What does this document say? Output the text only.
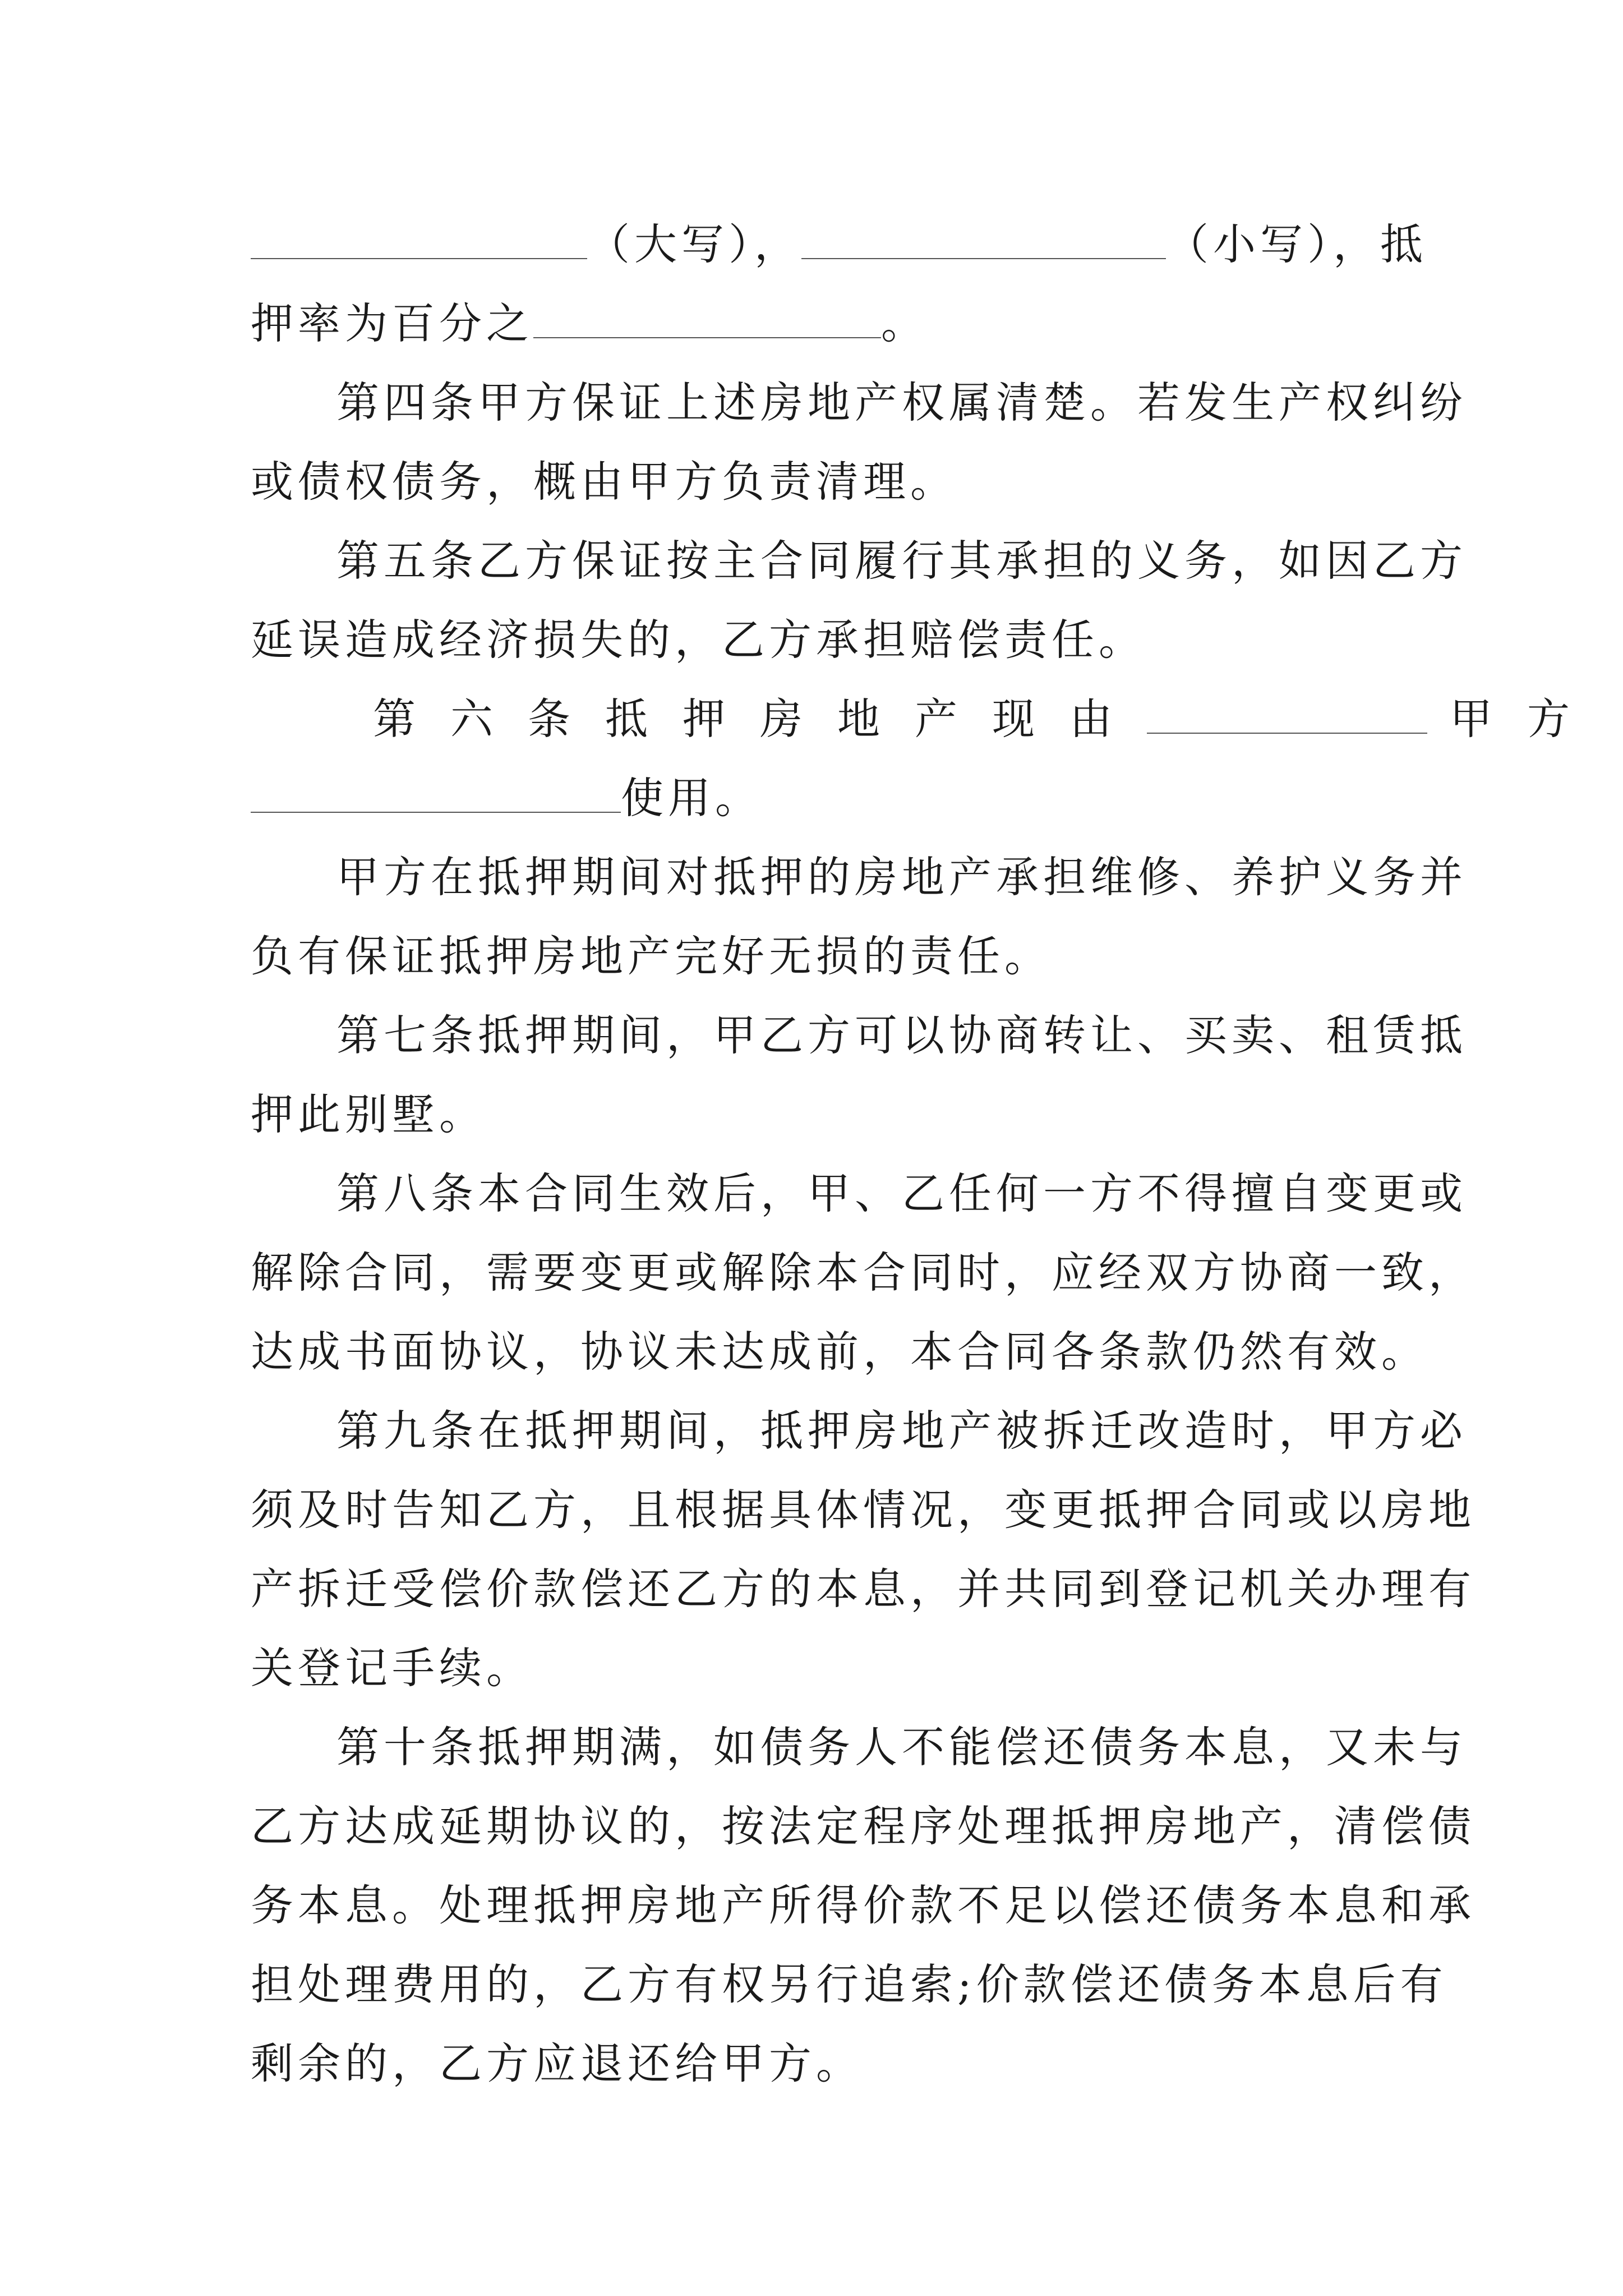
（大写），	（小写），抵
押率为百分之	。
第四条甲方保证上述房地产权属清楚。若发生产权纠纷
或债权债务，概由甲方负责清理。
第五条乙方保证按主合同履行其承担的义务，如因乙方
延误造成经济损失的，乙方承担赔偿责任。
第六条抵押房地产现由	甲方
使用。
甲方在抵押期间对抵押的房地产承担维修、养护义务并
负有保证抵押房地产完好无损的责任。
第七条抵押期间，甲乙方可以协商转让、买卖、租赁抵
押此别墅。
第八条本合同生效后，甲、乙任何一方不得擅自变更或
解除合同，需要变更或解除本合同时，应经双方协商一致，
达成书面协议，协议未达成前，本合同各条款仍然有效。
第九条在抵押期间，抵押房地产被拆迁改造时，甲方必
须及时告知乙方，且根据具体情况，变更抵押合同或以房地
产拆迁受偿价款偿还乙方的本息，并共同到登记机关办理有
关登记手续。
第十条抵押期满，如债务人不能偿还债务本息，又未与
乙方达成延期协议的，按法定程序处理抵押房地产，清偿债
务本息。处理抵押房地产所得价款不足以偿还债务本息和承
担处理费用的，乙方有权另行追索;价款偿还债务本息后有
剩余的，乙方应退还给甲方。
